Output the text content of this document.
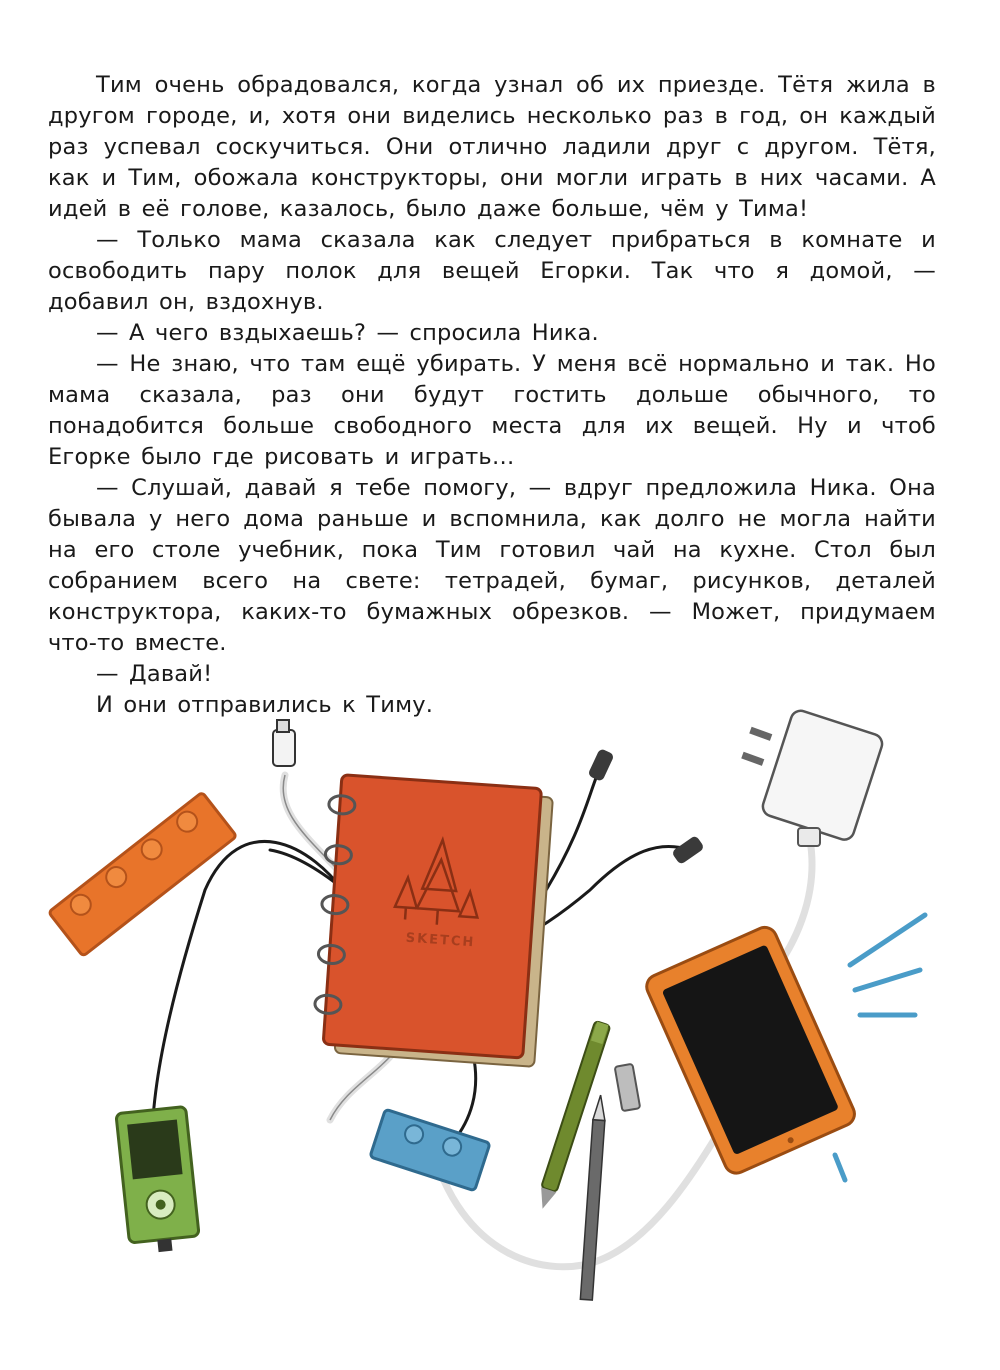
Тим очень обрадовался, когда узнал об их приезде. Тётя жила в другом городе, и, хотя они виделись несколько раз в год, он каждый раз успевал соскучиться. Они отлично ладили друг с другом. Тётя, как и Тим, обожала конструкторы, они могли играть в них часами. А идей в её голове, казалось, было даже больше, чём у Тима!

— Только мама сказала как следует прибраться в комнате и освободить пару полок для вещей Егорки. Так что я домой, — добавил он, вздохнув.

— А чего вздыхаешь? — спросила Ника.

— Не знаю, что там ещё убирать. У меня всё нормально и так. Но мама сказала, раз они будут гостить дольше обычного, то понадобится больше свободного места для их вещей. Ну и чтоб Егорке было где рисовать и играть…

— Слушай, давай я тебе помогу, — вдруг предложила Ника. Она бывала у него дома раньше и вспомнила, как долго не могла найти на его столе учебник, пока Тим готовил чай на кухне. Стол был собранием всего на свете: тетрадей, бумаг, рисунков, деталей конструктора, каких-то бумажных обрезков. — Может, придумаем что-то вместе.

— Давай!

И они отправились к Тиму.

SKETCH
